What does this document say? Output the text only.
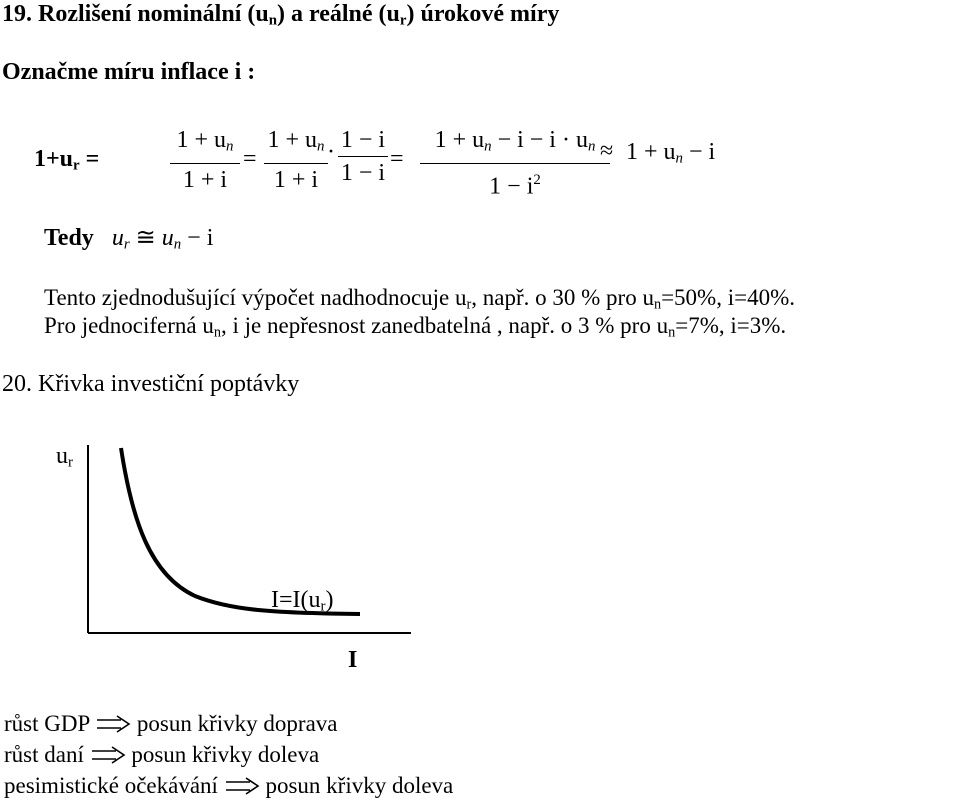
19. Rozlišení nominální $(u_n)$ a reálné $(u_r)$ úrokové míry
Označme míru inflace i :
$1+u_r$ =
$1 + u_n$
1 + i
=
$1 + u_n$
1 + i
· 1 − i
1 − i
=
$1 + u_n - i - i \cdot u_n$
$1 - i^2$
≈ $1 + u_n - i$
Tedy $u_r$ ≅ $u_n - i$
Tento zjednodušující výpočet nadhodnocuje $u_r$, např. o 30 % pro $u_n=50\%$, i=40%.
Pro jednociferná $u_n$, i je nepřesnost zanedbatelná , např. o 3 % pro $u_n=7\%$, i=3%.
20. Křivka investiční poptávky
$u_r$
$I=I(u_r)$
I
růst GDP posun křivky doprava
růst daní posun křivky doleva
pesimistické očekávání posun křivky doleva
